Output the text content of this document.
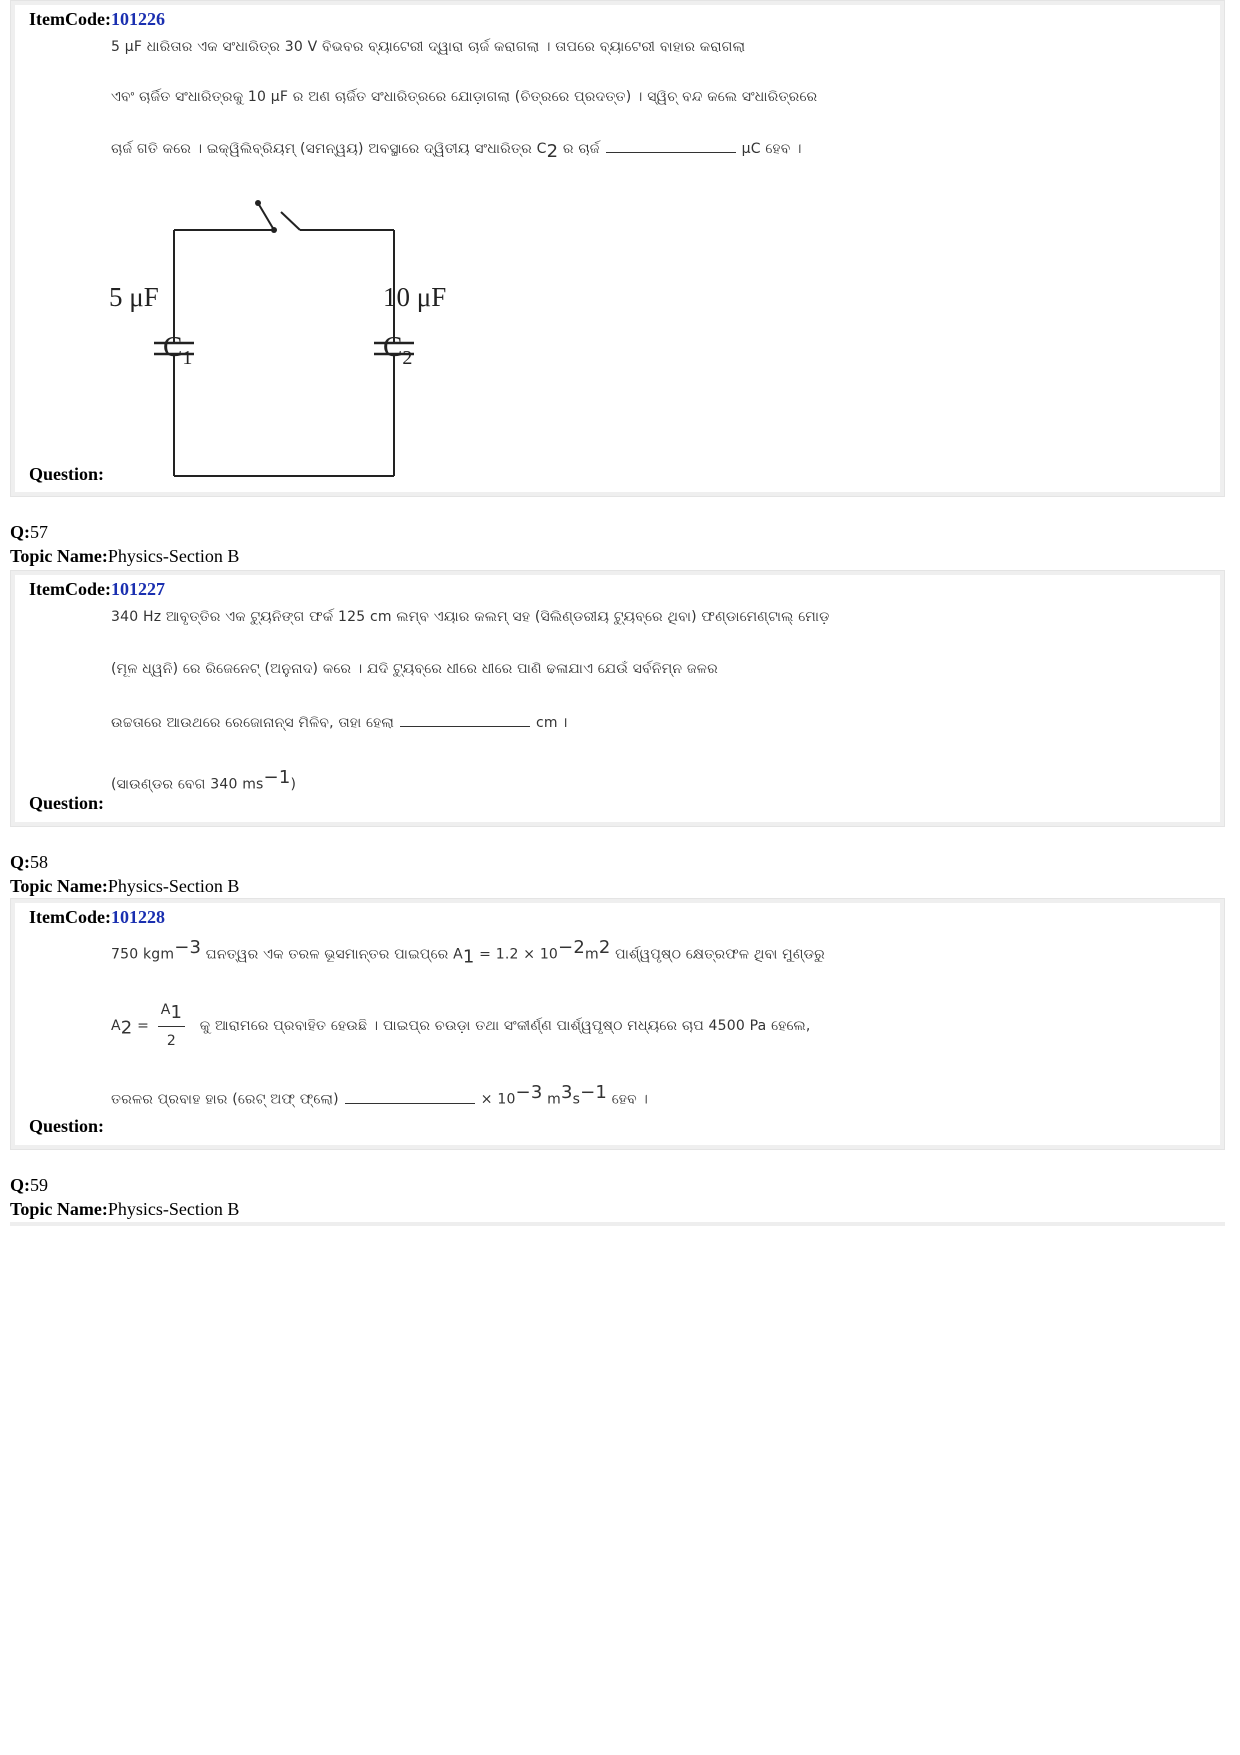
ItemCode:101226
5 μF ଧାରିତାର ଏକ ସଂଧାରିତ୍ର 30 V ବିଭବର ବ୍ୟାଟେରୀ ଦ୍ୱାରା ଚାର୍ଜ କରାଗଲା । ତାପରେ ବ୍ୟାଟେରୀ ବାହାର କରାଗଲା
ଏବଂ ଚାର୍ଜିତ ସଂଧାରିତ୍ରକୁ 10 μF ର ଅଣ ଚାର୍ଜିତ ସଂଧାରିତ୍ରରେ ଯୋଡ଼ାଗଲା (ଚିତ୍ରରେ ପ୍ରଦତ୍ତ) । ସ୍ୱିଚ୍ ବନ୍ଦ କଲେ ସଂଧାରିତ୍ରରେ
ଚାର୍ଜ ଗତି କରେ । ଇକ୍ୱିଲିବ୍ରିୟମ୍ (ସମନ୍ୱୟ) ଅବସ୍ଥାରେ ଦ୍ୱିତୀୟ ସଂଧାରିତ୍ର $C_2$ ର ଚାର୍ଜ	μC ହେବ ।
5 μF
$C_1$
10 μF
$C_2$
Question:
Q:57
Topic Name:Physics-Section B
ItemCode:101227
340 Hz ଆବୃତ୍ତିର ଏକ ଟ୍ୟୁନିଙ୍ଗ ଫର୍କ 125 cm ଲମ୍ବ ଏୟାର କଲମ୍ ସହ (ସିଲିଣ୍ଡରୀୟ ଟ୍ୟୁବ୍‌ରେ ଥିବା) ଫଣ୍ଡାମେଣ୍ଟାଲ୍ ମୋଡ଼
(ମୂଳ ଧ୍ୱନି) ରେ ରିଜେନେଟ୍ (ଅନୁନାଦ) କରେ । ଯଦି ଟ୍ୟୁବ୍‌ରେ ଧୀରେ ଧୀରେ ପାଣି ଢଳାଯାଏ ଯେଉଁ ସର୍ବନିମ୍ନ ଜଳର
ଉଚ୍ଚତାରେ ଆଉଥରେ ରେଜୋନାନ୍ସ ମିଳିବ, ତାହା ହେଲା	cm ।
(ସାଉଣ୍ଡର ବେଗ 340 $ms^{-1}$)
Question:
Q:58
Topic Name:Physics-Section B
ItemCode:101228
750 kgm$^{-3}$ ଘନତ୍ୱର ଏକ ତରଳ ଭୂସମାନ୍ତର ପାଇପ୍‌ରେ $A_1 = 1.2 \times 10^{-2}m^2$ ପାର୍ଶ୍ୱପୃଷ୍ଠ କ୍ଷେତ୍ରଫଳ ଥିବା ମୁଣ୍ଡରୁ
$A_2 = \frac{A_1}{2}$ କୁ ଆରାମରେ ପ୍ରବାହିତ ହେଉଛି । ପାଇପ୍‌ର ଚଉଡ଼ା ତଥା ସଂକୀର୍ଣ୍ଣ ପାର୍ଶ୍ୱପୃଷ୍ଠ ମଧ୍ୟରେ ଚାପ 4500 Pa ହେଲେ,
ତରଳର ପ୍ରବାହ ହାର (ରେଟ୍ ଅଫ୍ ଫ୍ଲୋ)	× $10^{-3}$ $m^3s^{-1}$ ହେବ ।
Question:
Q:59
Topic Name:Physics-Section B
